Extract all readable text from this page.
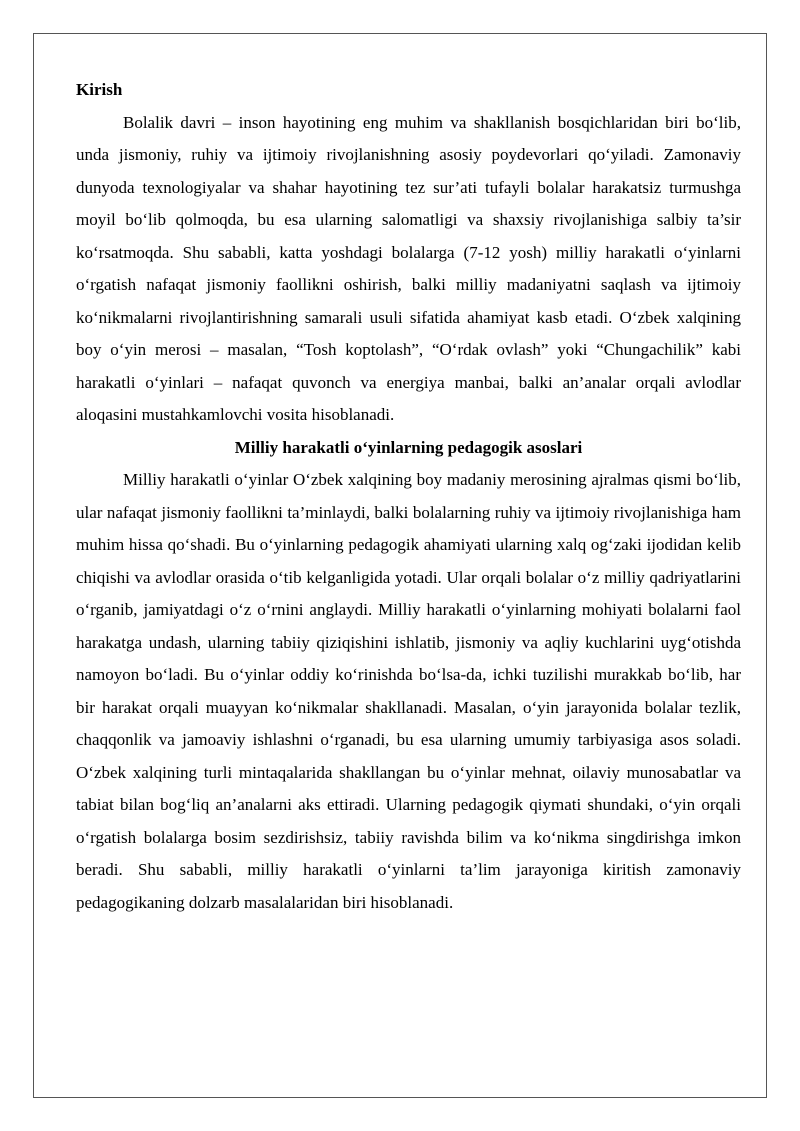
Kirish

Bolalik davri – inson hayotining eng muhim va shakllanish bosqichlaridan biri bo‘lib, unda jismoniy, ruhiy va ijtimoiy rivojlanishning asosiy poydevorlari qo‘yiladi. Zamonaviy dunyoda texnologiyalar va shahar hayotining tez sur’ati tufayli bolalar harakatsiz turmushga moyil bo‘lib qolmoqda, bu esa ularning salomatligi va shaxsiy rivojlanishiga salbiy ta’sir ko‘rsatmoqda. Shu sababli, katta yoshdagi bolalarga (7-12 yosh) milliy harakatli o‘yinlarni o‘rgatish nafaqat jismoniy faollikni oshirish, balki milliy madaniyatni saqlash va ijtimoiy ko‘nikmalarni rivojlantirishning samarali usuli sifatida ahamiyat kasb etadi. O‘zbek xalqining boy o‘yin merosi – masalan, “Tosh koptolash”, “O‘rdak ovlash” yoki “Chungachilik” kabi harakatli o‘yinlari – nafaqat quvonch va energiya manbai, balki an’analar orqali avlodlar aloqasini mustahkamlovchi vosita hisoblanadi.

Milliy harakatli o‘yinlarning pedagogik asoslari

Milliy harakatli o‘yinlar O‘zbek xalqining boy madaniy merosining ajralmas qismi bo‘lib, ular nafaqat jismoniy faollikni ta’minlaydi, balki bolalarning ruhiy va ijtimoiy rivojlanishiga ham muhim hissa qo‘shadi. Bu o‘yinlarning pedagogik ahamiyati ularning xalq og‘zaki ijodidan kelib chiqishi va avlodlar orasida o‘tib kelganligida yotadi. Ular orqali bolalar o‘z milliy qadriyatlarini o‘rganib, jamiyatdagi o‘z o‘rnini anglaydi. Milliy harakatli o‘yinlarning mohiyati bolalarni faol harakatga undash, ularning tabiiy qiziqishini ishlatib, jismoniy va aqliy kuchlarini uyg‘otishda namoyon bo‘ladi. Bu o‘yinlar oddiy ko‘rinishda bo‘lsa-da, ichki tuzilishi murakkab bo‘lib, har bir harakat orqali muayyan ko‘nikmalar shakllanadi. Masalan, o‘yin jarayonida bolalar tezlik, chaqqonlik va jamoaviy ishlashni o‘rganadi, bu esa ularning umumiy tarbiyasiga asos soladi. O‘zbek xalqining turli mintaqalarida shakllangan bu o‘yinlar mehnat, oilaviy munosabatlar va tabiat bilan bog‘liq an’analarni aks ettiradi. Ularning pedagogik qiymati shundaki, o‘yin orqali o‘rgatish bolalarga bosim sezdirishsiz, tabiiy ravishda bilim va ko‘nikma singdirishga imkon beradi. Shu sababli, milliy harakatli o‘yinlarni ta’lim jarayoniga kiritish zamonaviy pedagogikaning dolzarb masalalaridan biri hisoblanadi.
